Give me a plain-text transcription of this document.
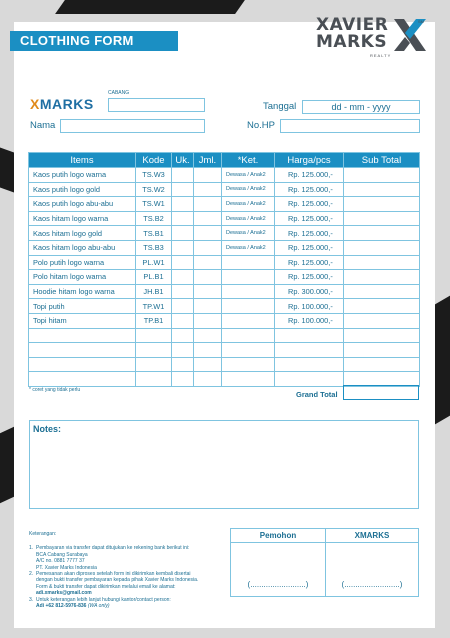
CLOTHING FORM
XAVIER
MARKS
REALTY
SM
XMARKS
CABANG
Tanggal	dd - mm - yyyy
Nama	No.HP
Items	Kode	Uk.	Jml.	*Ket.	Harga/pcs	Sub Total
Kaos putih logo warna	TS.W3			Dewasa / Anak2	Rp. 125.000,-	
Kaos putih logo gold	TS.W2			Dewasa / Anak2	Rp. 125.000,-	
Kaos putih logo abu-abu	TS.W1			Dewasa / Anak2	Rp. 125.000,-	
Kaos hitam logo warna	TS.B2			Dewasa / Anak2	Rp. 125.000,-	
Kaos hitam logo gold	TS.B1			Dewasa / Anak2	Rp. 125.000,-	
Kaos hitam logo abu-abu	TS.B3			Dewasa / Anak2	Rp. 125.000,-	
Polo putih logo warna	PL.W1				Rp. 125.000,-	
Polo hitam logo warna	PL.B1				Rp. 125.000,-	
Hoodie hitam logo warna	JH.B1				Rp. 300.000,-	
Topi putih	TP.W1				Rp. 100.000,-	
Topi hitam	TP.B1				Rp. 100.000,-	

* coret yang tidak perlu	Grand Total
Notes:
Keterangan:
1. Pembayaran via transfer dapat ditujukan ke rekening bank berikut ini:
BCA Cabang Surabaya
A/C no. 0881 7777 37
PT. Xavier Marks Indonesia
2. Pemesanan akan diproses setelah form ini dikirimkan kembali disertai
dengan bukti transfer pembayaran kepada pihak Xavier Marks Indonesia.
Form & bukti transfer dapat dikirimkan melalui email ke alamat:
adi.xmarks@gmail.com
3. Untuk keterangan lebih lanjut hubungi kantor/contact person:
Adi +62 812-5976-836 (WA only)
Pemohon
(.........................)
XMARKS
(.........................)
